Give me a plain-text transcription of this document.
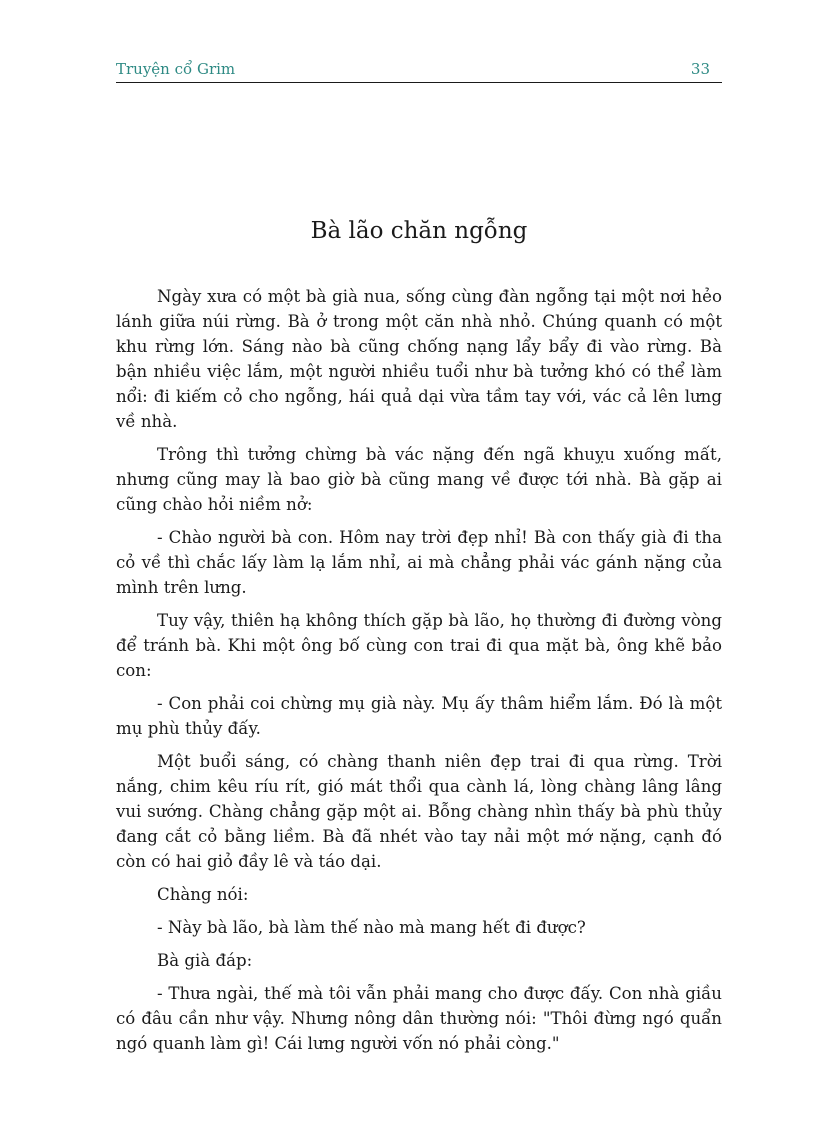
Truyện cổ Grim	33
Bà lão chăn ngỗng

Ngày xưa có một bà già nua, sống cùng đàn ngỗng tại một nơi hẻo lánh giữa núi rừng. Bà ở trong một căn nhà nhỏ. Chúng quanh có một khu rừng lớn. Sáng nào bà cũng chống nạng lẩy bẩy đi vào rừng. Bà bận nhiều việc lắm, một người nhiều tuổi như bà tưởng khó có thể làm nổi: đi kiếm cỏ cho ngỗng, hái quả dại vừa tầm tay với, vác cả lên lưng về nhà.

Trông thì tưởng chừng bà vác nặng đến ngã khuỵu xuống mất, nhưng cũng may là bao giờ bà cũng mang về được tới nhà. Bà gặp ai cũng chào hỏi niềm nở:

- Chào người bà con. Hôm nay trời đẹp nhỉ! Bà con thấy già đi tha cỏ về thì chắc lấy làm lạ lắm nhỉ, ai mà chẳng phải vác gánh nặng của mình trên lưng.

Tuy vậy, thiên hạ không thích gặp bà lão, họ thường đi đường vòng để tránh bà. Khi một ông bố cùng con trai đi qua mặt bà, ông khẽ bảo con:

- Con phải coi chừng mụ già này. Mụ ấy thâm hiểm lắm. Đó là một mụ phù thủy đấy.

Một buổi sáng, có chàng thanh niên đẹp trai đi qua rừng. Trời nắng, chim kêu ríu rít, gió mát thổi qua cành lá, lòng chàng lâng lâng vui sướng. Chàng chẳng gặp một ai. Bỗng chàng nhìn thấy bà phù thủy đang cắt cỏ bằng liềm. Bà đã nhét vào tay nải một mớ nặng, cạnh đó còn có hai giỏ đầy lê và táo dại.

Chàng nói:

- Này bà lão, bà làm thế nào mà mang hết đi được?

Bà già đáp:

- Thưa ngài, thế mà tôi vẫn phải mang cho được đấy. Con nhà giầu có đâu cần như vậy. Nhưng nông dân thường nói: "Thôi đừng ngó quẩn ngó quanh làm gì! Cái lưng người vốn nó phải còng."
